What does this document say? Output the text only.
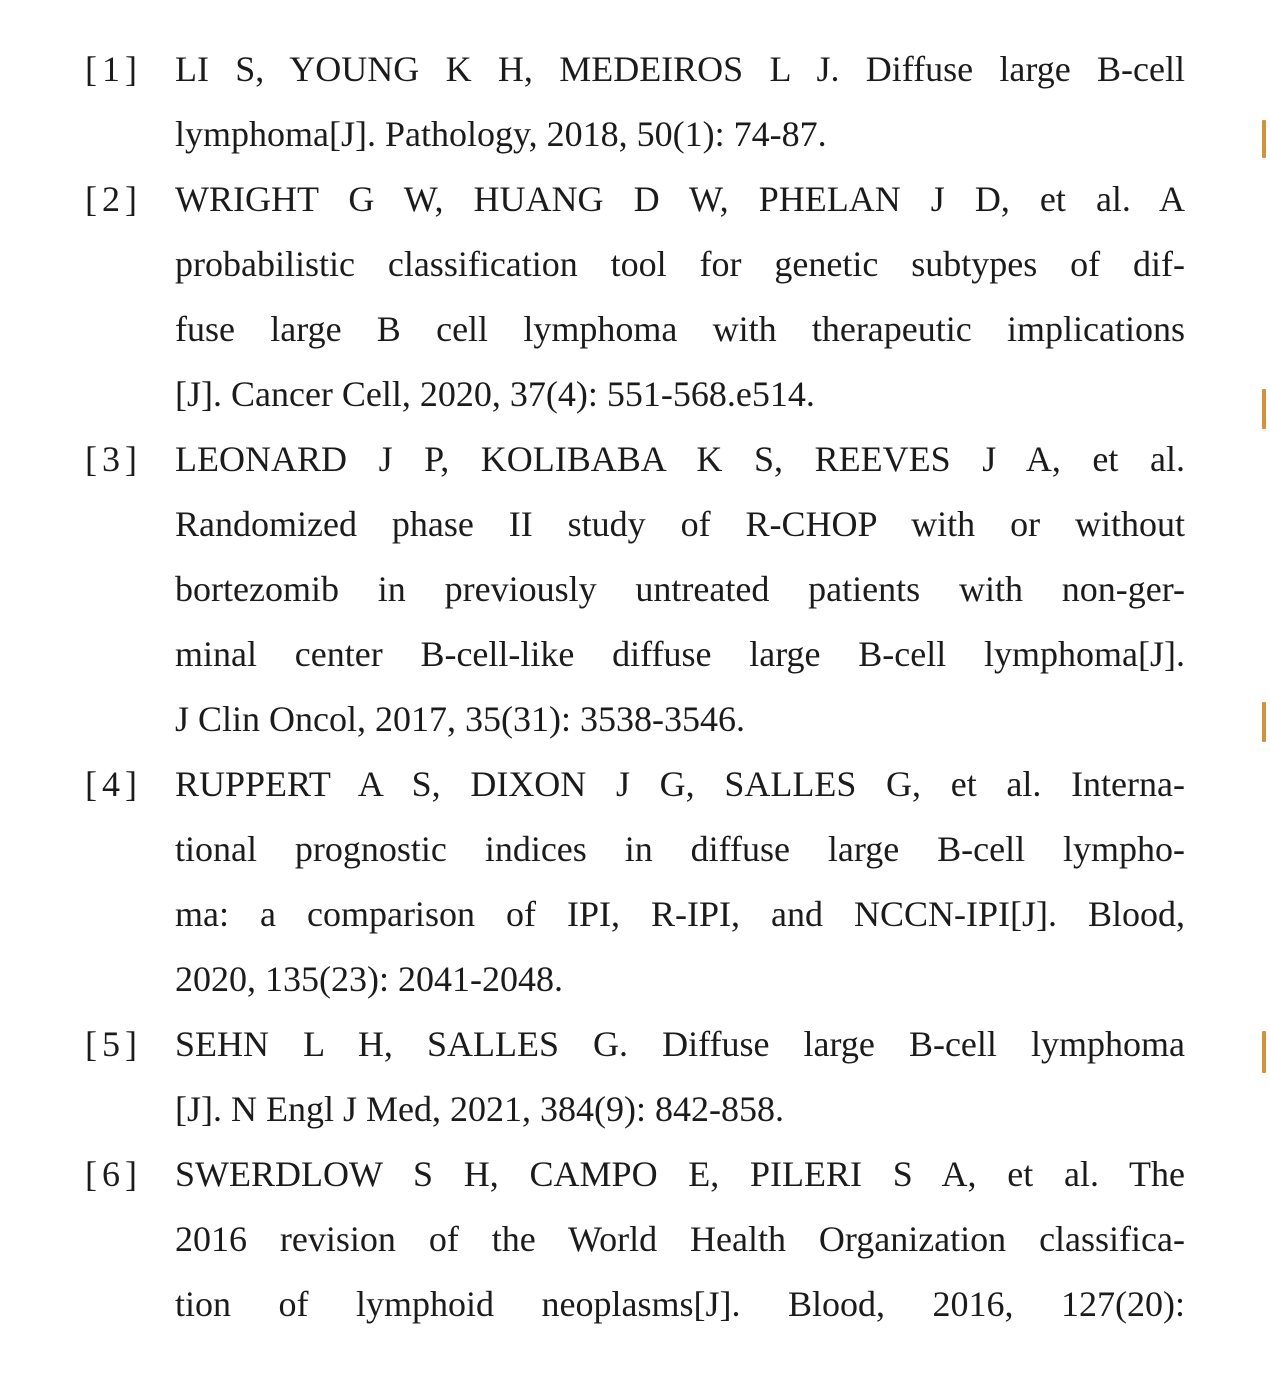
[1] LI S, YOUNG K H, MEDEIROS L J. Diffuse large B-cell
lymphoma[J]. Pathology, 2018, 50(1): 74-87.
[2] WRIGHT G W, HUANG D W, PHELAN J D, et al. A
probabilistic classification tool for genetic subtypes of dif-
fuse large B cell lymphoma with therapeutic implications
[J]. Cancer Cell, 2020, 37(4): 551-568.e514.
[3] LEONARD J P, KOLIBABA K S, REEVES J A, et al.
Randomized phase II study of R-CHOP with or without
bortezomib in previously untreated patients with non-ger-
minal center B-cell-like diffuse large B-cell lymphoma[J].
J Clin Oncol, 2017, 35(31): 3538-3546.
[4] RUPPERT A S, DIXON J G, SALLES G, et al. Interna-
tional prognostic indices in diffuse large B-cell lympho-
ma: a comparison of IPI, R-IPI, and NCCN-IPI[J]. Blood,
2020, 135(23): 2041-2048.
[5] SEHN L H, SALLES G. Diffuse large B-cell lymphoma
[J]. N Engl J Med, 2021, 384(9): 842-858.
[6] SWERDLOW S H, CAMPO E, PILERI S A, et al. The
2016 revision of the World Health Organization classifica-
tion of lymphoid neoplasms[J]. Blood, 2016, 127(20):
